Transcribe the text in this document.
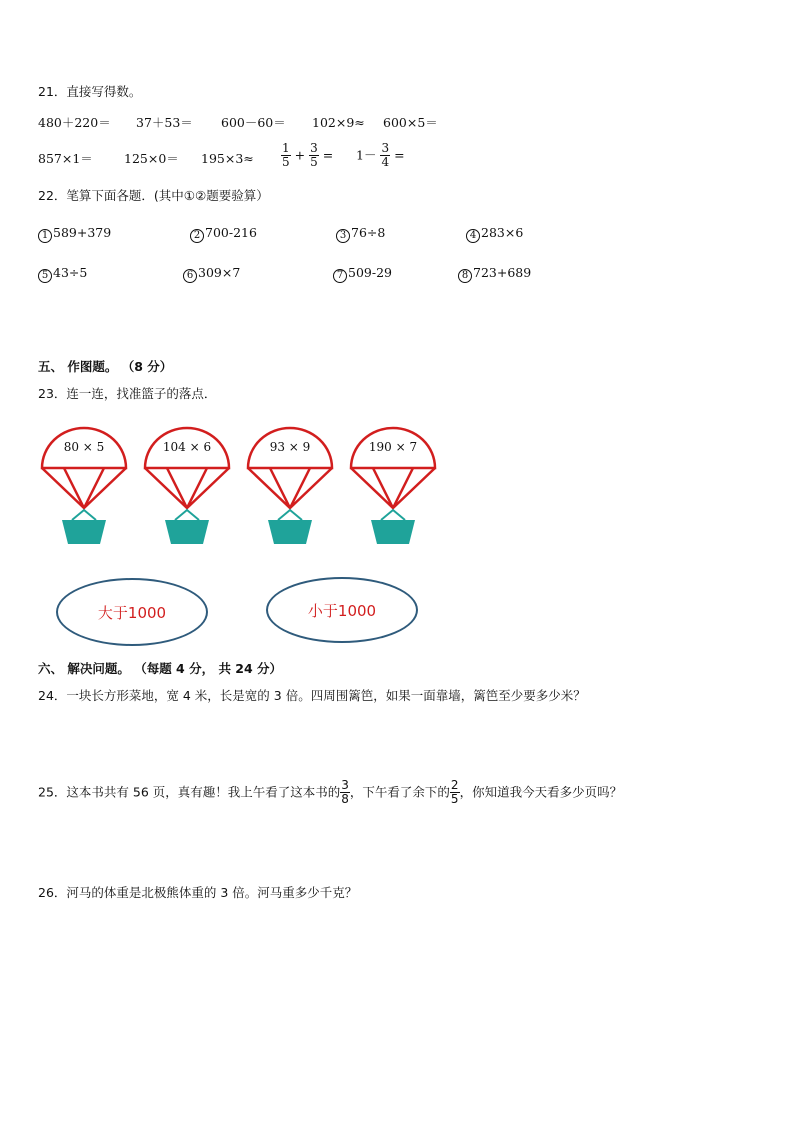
21．直接写得数。
480＋220＝ 37＋53＝ 600－60＝ 102×9≈ 600×5＝
$857\times 1= 125\times 0= 195\times 3\approx \frac{1}{5} + \frac{3}{5} = 1- \frac{3}{4}$ =
22．笔算下面各题．(其中①②题要验算）
1 589+379	2 700-216	3 76÷8	4 283×6
5 43÷5	6 309×7	7 509-29	8 723+689
五、 作图题。 （8 分）
23．连一连，找准篮子的落点．
80 × 5	104 × 6	93 × 9	190 × 7
大于1000	小于1000
六、 解决问题。 （每题 4 分， 共 24 分）
24．一块长方形菜地，宽 4 米，长是宽的 3 倍。四周围篱笆，如果一面靠墙，篱笆至少要多少米？
25．这本书共有 56 页，真有趣！我上午看了这本书的 $\frac{3}{8}$ ，下午看了余下的 $\frac{2}{5}$ ，你知道我今天看多少页吗？
26．河马的体重是北极熊体重的 3 倍。河马重多少千克？
